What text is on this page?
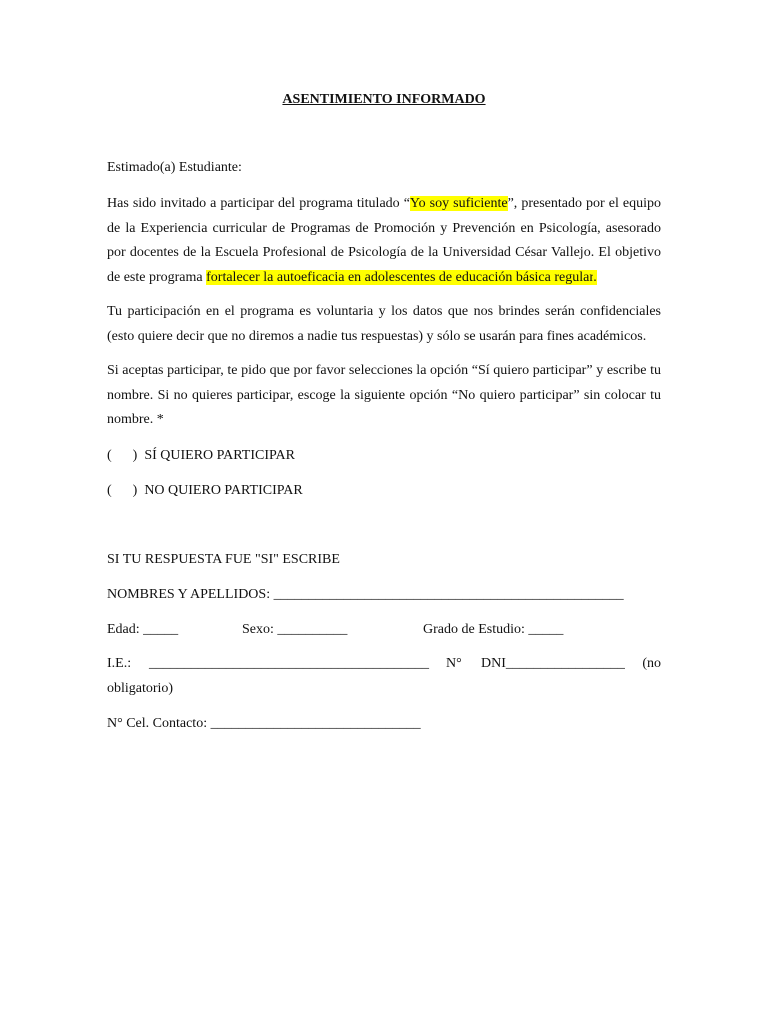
ASENTIMIENTO INFORMADO
Estimado(a) Estudiante:
Has sido invitado a participar del programa titulado “Yo soy suficiente”, presentado por el equipo de la Experiencia curricular de Programas de Promoción y Prevención en Psicología, asesorado por docentes de la Escuela Profesional de Psicología de la Universidad César Vallejo. El objetivo de este programa fortalecer la autoeficacia en adolescentes de educación básica regular.
Tu participación en el programa es voluntaria y los datos que nos brindes serán confidenciales (esto quiere decir que no diremos a nadie tus respuestas) y sólo se usarán para fines académicos.
Si aceptas participar, te pido que por favor selecciones la opción “Sí quiero participar” y escribe tu nombre. Si no quieres participar, escoge la siguiente opción “No quiero participar” sin colocar tu nombre. *
(      )  SÍ QUIERO PARTICIPAR
(      )  NO QUIERO PARTICIPAR
SI TU RESPUESTA FUE "SI" ESCRIBE
NOMBRES Y APELLIDOS: __________________________________________________
Edad: _____	Sexo: __________	Grado de Estudio: _____
I.E.: ________________________________________ N° DNI_________________ (no
obligatorio)
N° Cel. Contacto: ______________________________
